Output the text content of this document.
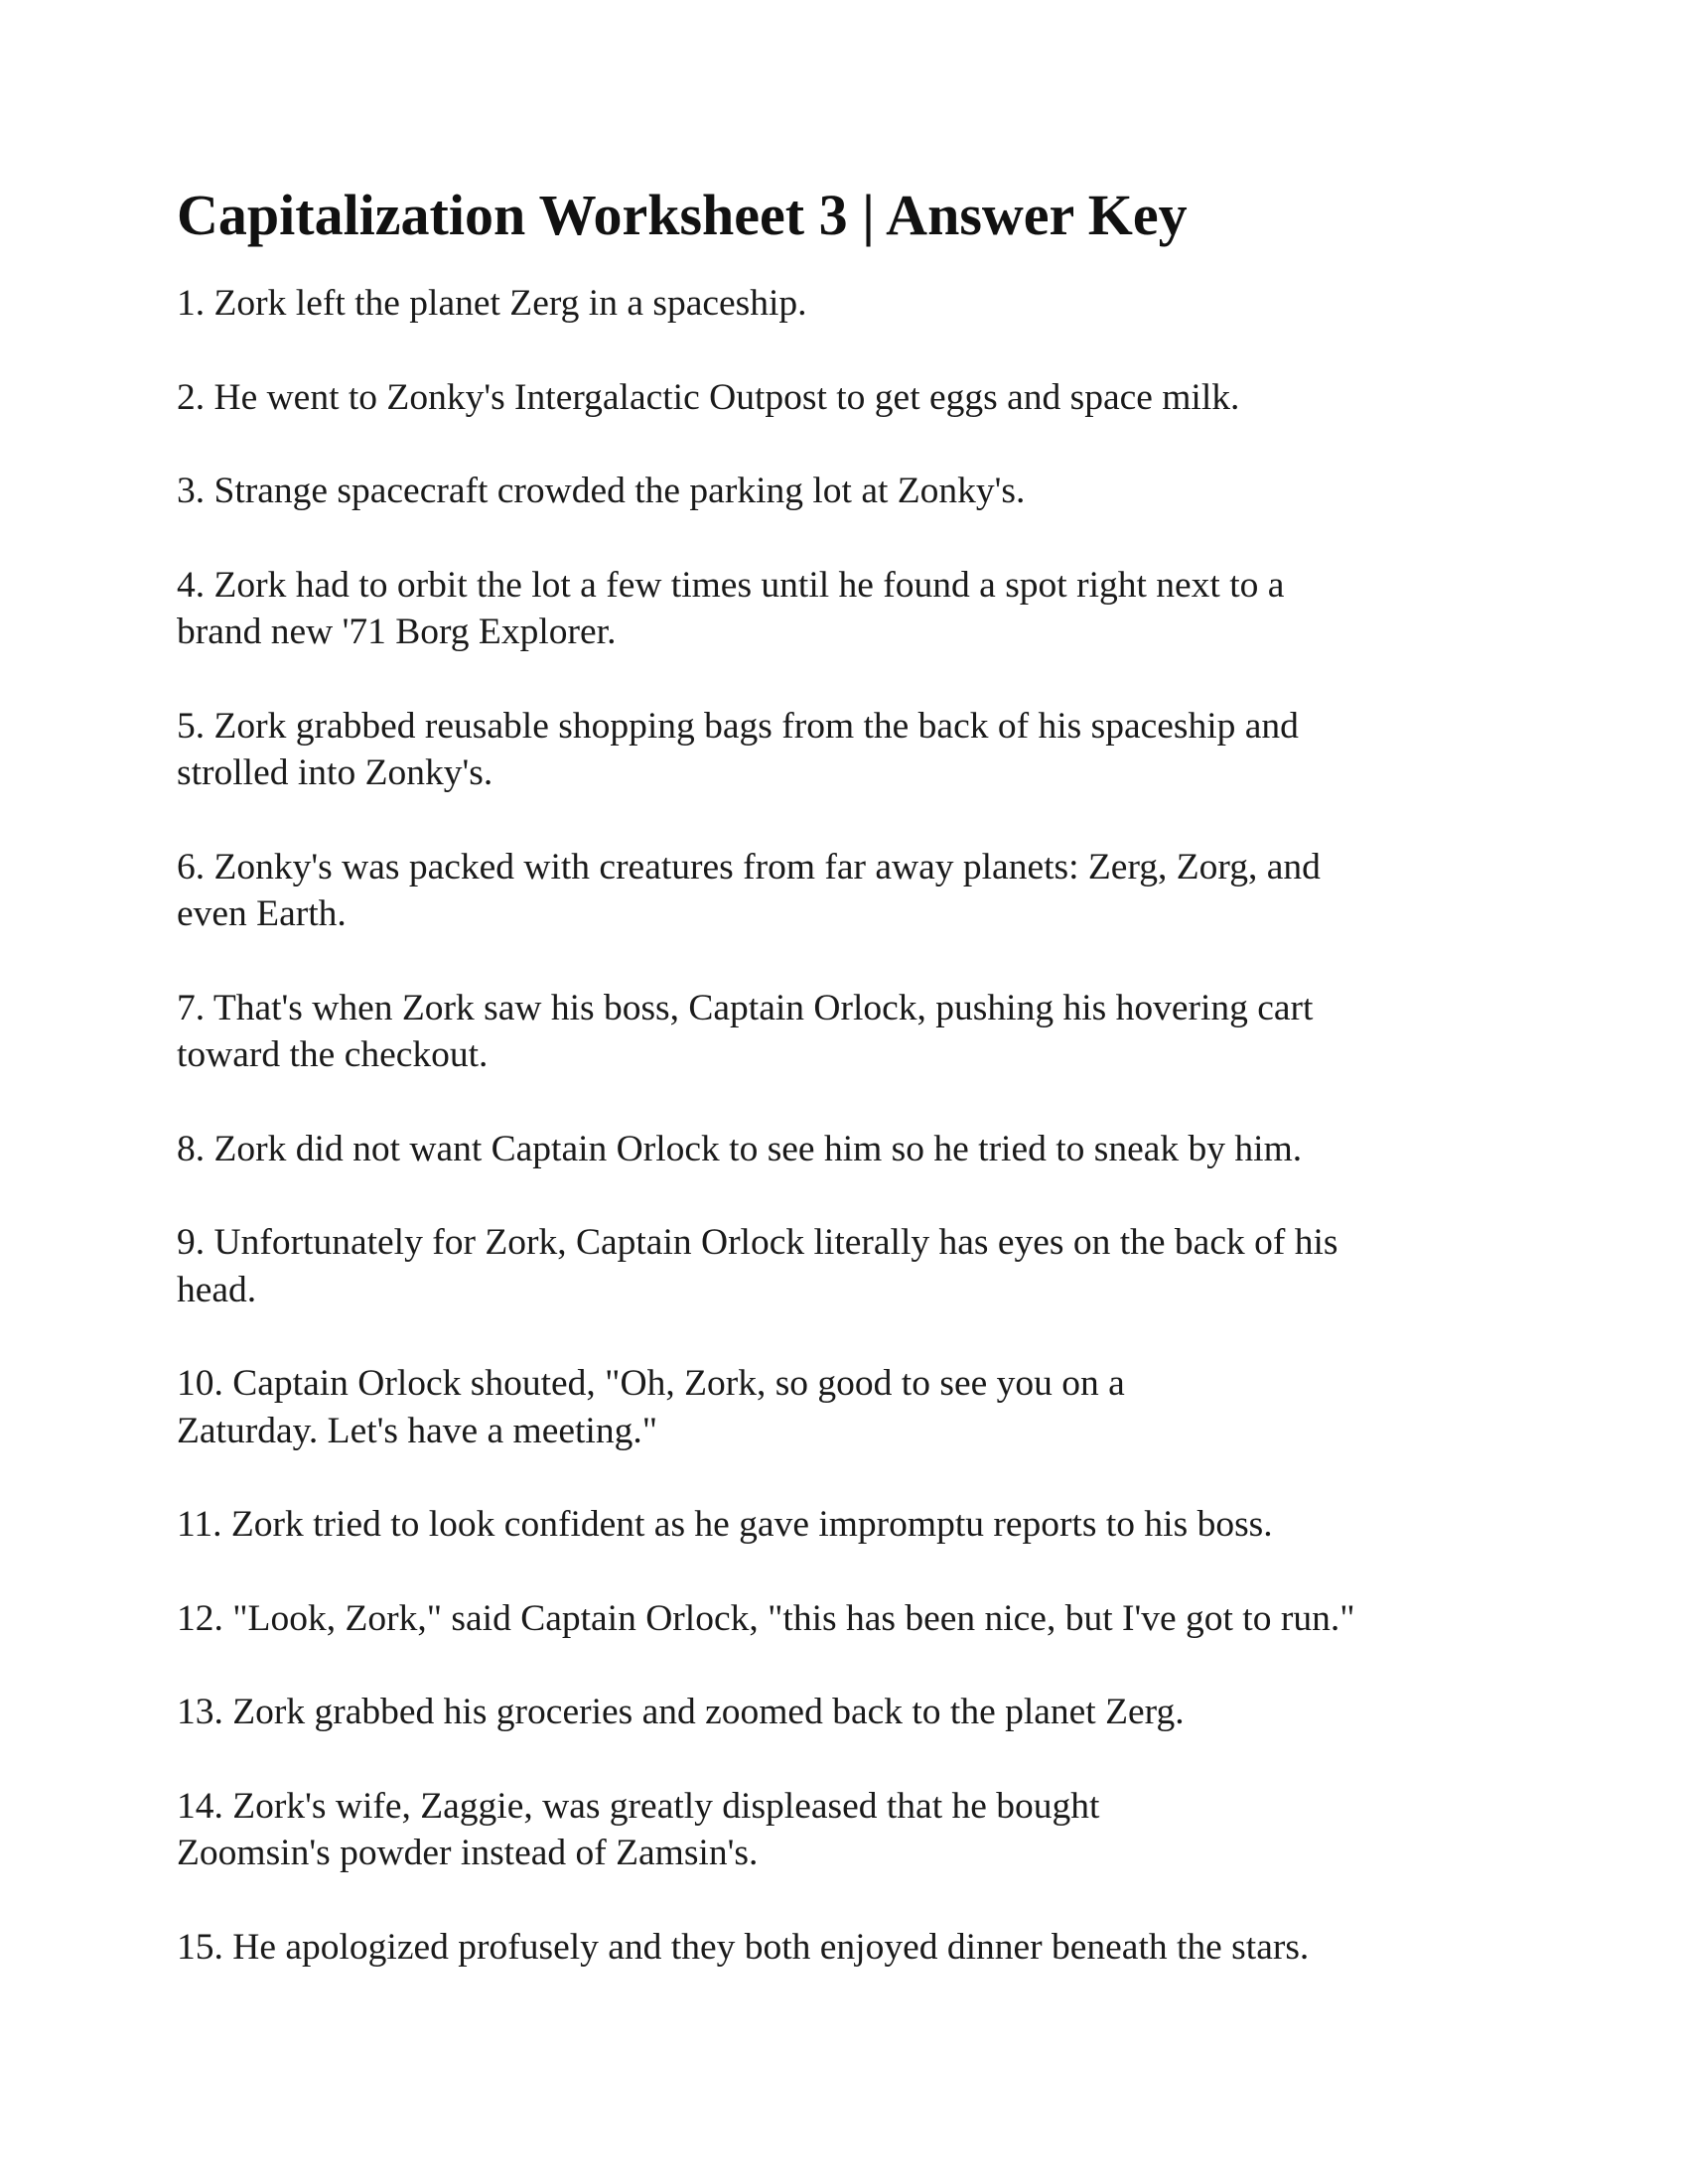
Capitalization Worksheet 3 | Answer Key
1. Zork left the planet Zerg in a spaceship.
2. He went to Zonky's Intergalactic Outpost to get eggs and space milk.
3. Strange spacecraft crowded the parking lot at Zonky's.
4. Zork had to orbit the lot a few times until he found a spot right next to a
brand new '71 Borg Explorer.
5. Zork grabbed reusable shopping bags from the back of his spaceship and
strolled into Zonky's.
6. Zonky's was packed with creatures from far away planets: Zerg, Zorg, and
even Earth.
7. That's when Zork saw his boss, Captain Orlock, pushing his hovering cart
toward the checkout.
8. Zork did not want Captain Orlock to see him so he tried to sneak by him.
9. Unfortunately for Zork, Captain Orlock literally has eyes on the back of his
head.
10. Captain Orlock shouted, "Oh, Zork, so good to see you on a
Zaturday. Let's have a meeting."
11. Zork tried to look confident as he gave impromptu reports to his boss.
12. "Look, Zork," said Captain Orlock, "this has been nice, but I've got to run."
13. Zork grabbed his groceries and zoomed back to the planet Zerg.
14. Zork's wife, Zaggie, was greatly displeased that he bought
Zoomsin's powder instead of Zamsin's.
15. He apologized profusely and they both enjoyed dinner beneath the stars.
